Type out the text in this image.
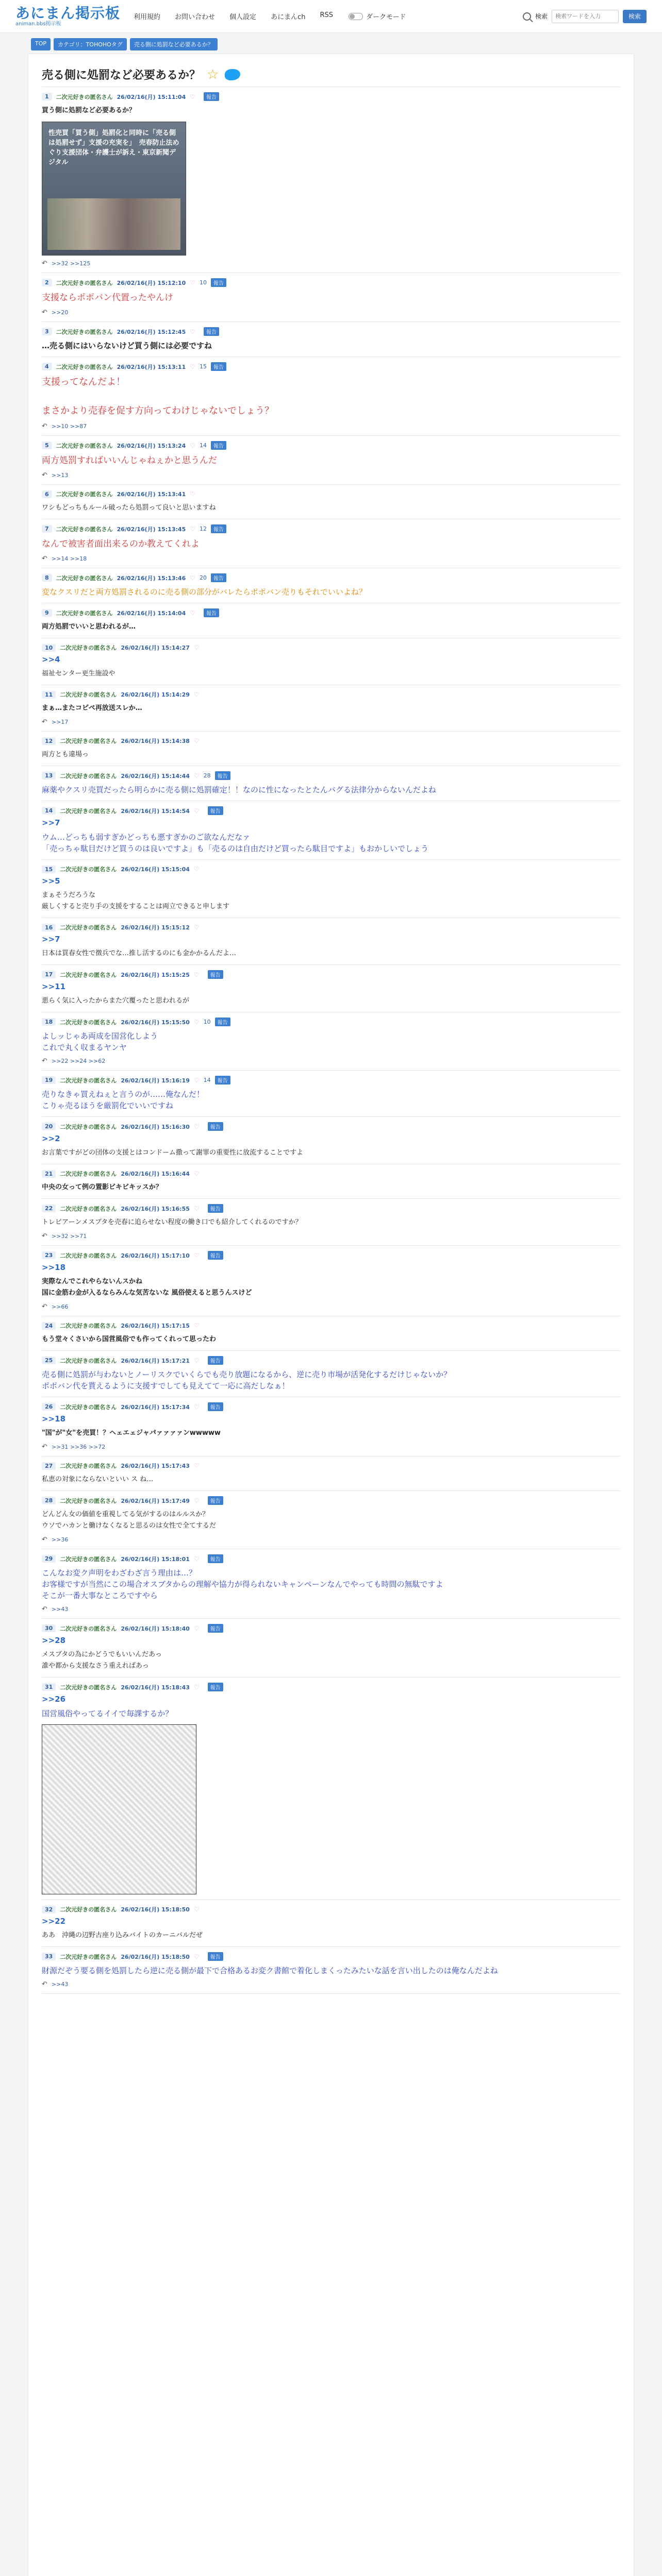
あにまん掲示板
animan.bbs掲示板
利用規約 お問い合わせ 個人設定 あにまんch RSS	ダークモード	検索
検索ワードを入力	検索
TOP	カテゴリ：TOHOHOタグ	売る側に処罰など必要あるか？
売る側に処罰など必要あるか？ ☆
1	二次元好きの匿名さん 26/02/16(月) 15:11:04 ♡	報告
買う側に処罰など必要あるか？
性売買「買う側」処罰化と同時に「売る側は処罰せず」支援の充実を」　売春防止法めぐり支援団体・弁護士が訴え・東京新聞デジタル
↶ >>32 >>125
2	二次元好きの匿名さん 26/02/16(月) 15:12:10 ♡ 10	報告
支援ならポポバン代置ったやんけ
↶ >>20
3	二次元好きの匿名さん 26/02/16(月) 15:12:45 ♡	報告
…売る側にはいらないけど買う側には必要ですね
4	二次元好きの匿名さん 26/02/16(月) 15:13:11 ♡ 15	報告
支援ってなんだよ！

まさかより売春を促す方向ってわけじゃないでしょう？
↶ >>10 >>87
5	二次元好きの匿名さん 26/02/16(月) 15:13:24 ♡ 14	報告
両方処罰すればいいんじゃねぇかと思うんだ
↶ >>13
6	二次元好きの匿名さん 26/02/16(月) 15:13:41 ♡
ワシもどっちもルール破ったら処罰って良いと思いますね
7	二次元好きの匿名さん 26/02/16(月) 15:13:45 ♡ 12	報告
なんで被害者面出来るのか教えてくれよ
↶ >>14 >>18
8	二次元好きの匿名さん 26/02/16(月) 15:13:46 ♡ 20	報告
変なクスリだと両方処罰されるのに売る側の部分がバレたらポポバン売りもそれでいいよね？
9	二次元好きの匿名さん 26/02/16(月) 15:14:04 ♡	報告
両方処罰でいいと思われるが…
10	二次元好きの匿名さん 26/02/16(月) 15:14:27 ♡
>>4
福祉センター更生施設や
11	二次元好きの匿名さん 26/02/16(月) 15:14:29 ♡
まぁ…またコピペ再放送スレか…
↶ >>17
12	二次元好きの匿名さん 26/02/16(月) 15:14:38 ♡
両方とも違場っ
13	二次元好きの匿名さん 26/02/16(月) 15:14:44 ♡ 28	報告
麻薬やクスリ売買だったら明らかに売る側に処罰確定！！なのに性になったとたんバグる法律分からないんだよね
14	二次元好きの匿名さん 26/02/16(月) 15:14:54 ♡	報告
>>7
ウム…どっちも弱すぎかどっちも悪すぎかのご欲なんだなァ
「売っちゃ駄目だけど買うのは良いですよ」も「売るのは自由だけど買ったら駄目ですよ」もおかしいでしょう
15	二次元好きの匿名さん 26/02/16(月) 15:15:04 ♡
>>5
まぁそうだろうな
厳しくすると売り手の支援をすることは両立できると申します
16	二次元好きの匿名さん 26/02/16(月) 15:15:12 ♡
>>7
日本は買春女性で徴兵でな…推し活するのにも金かかるんだよ…
17	二次元好きの匿名さん 26/02/16(月) 15:15:25 ♡	報告
>>11
悪らく気に入ったからまた穴覆ったと思われるが
18	二次元好きの匿名さん 26/02/16(月) 15:15:50 ♡ 10	報告
よしッじゃあ両成を国営化しよう
これで丸く収まるヤンヤ
↶ >>22 >>24 >>62
19	二次元好きの匿名さん 26/02/16(月) 15:16:19 ♡ 14	報告
売りなきゃ買えねぇと言うのが……俺なんだ！
こりゃ売るほうを厳罰化でいいですね
20	二次元好きの匿名さん 26/02/16(月) 15:16:30 ♡	報告
>>2
お言葉ですがどの団体の支援とはコンドーム撒って謝罪の重要性に放流することですよ
21	二次元好きの匿名さん 26/02/16(月) 15:16:44 ♡
中央の女って例の置影ビキビキッスか？
22	二次元好きの匿名さん 26/02/16(月) 15:16:55 ♡	報告
トレビアーンメスブタを売春に追らせない程度の働き口でも紹介してくれるのですか？
↶ >>32 >>71
23	二次元好きの匿名さん 26/02/16(月) 15:17:10 ♡	報告
>>18
実際なんでこれやらないんスかね
国に金筋わ金が入るならみんな気苦ないな 風俗使えると思うんスけど
↶ >>66
24	二次元好きの匿名さん 26/02/16(月) 15:17:15 ♡
もう堂々くさいから国営風俗でも作ってくれって思ったわ
25	二次元好きの匿名さん 26/02/16(月) 15:17:21 ♡	報告
売る側に処罰が与わないとノーリスクでいくらでも売り放題になるから、逆に売り市場が活発化するだけじゃないか？
ポポバン代を貰えるように支援すでしても見えてて一応に高だしなぁ！
26	二次元好きの匿名さん 26/02/16(月) 15:17:34 ♡	報告
>>18
"国"が"女"を売買！？ヘェエェジャパァァァァンwwwww
↶ >>31 >>36 >>72
27	二次元好きの匿名さん 26/02/16(月) 15:17:43 ♡
私恵の対象にならないといい ス ね…
28	二次元好きの匿名さん 26/02/16(月) 15:17:49 ♡	報告
どんどん女の価値を重視してる気がするのはルルスか？
ウソでハカンと働けなくなると思るのは女性で全てするだ
↶ >>36
29	二次元好きの匿名さん 26/02/16(月) 15:18:01 ♡	報告
こんなお変ク声明をわざわざ言う理由は…？
お客様ですが当然にこの場合オスブタからの理解や協力が得られないキャンペーンなんでやっても時間の無駄ですよ
そこが一番大事なところですやら
↶ >>43
30	二次元好きの匿名さん 26/02/16(月) 15:18:40 ♡	報告
>>28
メスブタの為にかどうでもいいんだあっ
誰や都から支援なさう重えればあっ
31	二次元好きの匿名さん 26/02/16(月) 15:18:43 ♡	報告
>>26
国営風俗やってるイイで毎課するか？
32	二次元好きの匿名さん 26/02/16(月) 15:18:50 ♡
>>22
ああ　沖縄の辺野古座り込みバイトのカーニバルだぜ
33	二次元好きの匿名さん 26/02/16(月) 15:18:50 ♡	報告
財源だぞう要る側を処罰したら逆に売る側が最下で合格あるお変ク書館で着化しまくったみたいな話を言い出したのは俺なんだよね
↶ >>43
